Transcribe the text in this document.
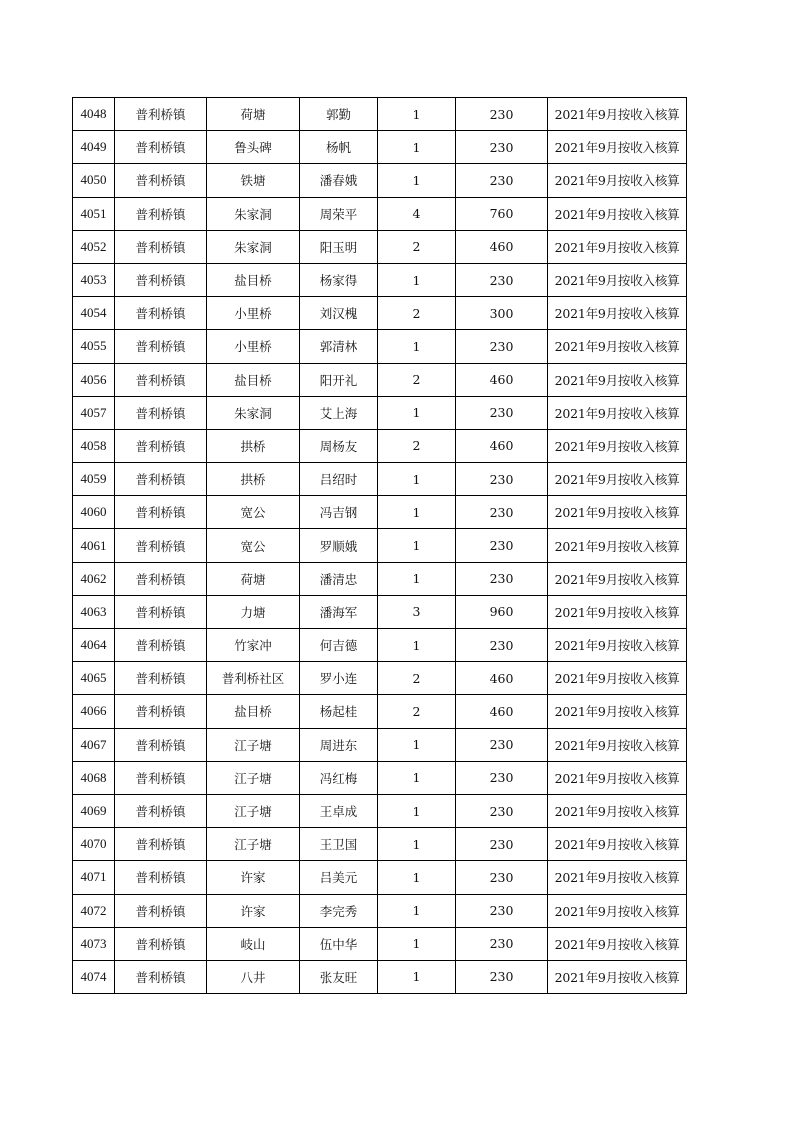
4048	普利桥镇	荷塘	郭勤	1	230	2021年9月按收入核算
4049	普利桥镇	鲁头碑	杨帆	1	230	2021年9月按收入核算
4050	普利桥镇	铁塘	潘春娥	1	230	2021年9月按收入核算
4051	普利桥镇	朱家洞	周荣平	4	760	2021年9月按收入核算
4052	普利桥镇	朱家洞	阳玉明	2	460	2021年9月按收入核算
4053	普利桥镇	盐目桥	杨家得	1	230	2021年9月按收入核算
4054	普利桥镇	小里桥	刘汉槐	2	300	2021年9月按收入核算
4055	普利桥镇	小里桥	郭清林	1	230	2021年9月按收入核算
4056	普利桥镇	盐目桥	阳开礼	2	460	2021年9月按收入核算
4057	普利桥镇	朱家洞	艾上海	1	230	2021年9月按收入核算
4058	普利桥镇	拱桥	周杨友	2	460	2021年9月按收入核算
4059	普利桥镇	拱桥	吕绍时	1	230	2021年9月按收入核算
4060	普利桥镇	宽公	冯吉钢	1	230	2021年9月按收入核算
4061	普利桥镇	宽公	罗顺娥	1	230	2021年9月按收入核算
4062	普利桥镇	荷塘	潘清忠	1	230	2021年9月按收入核算
4063	普利桥镇	力塘	潘海军	3	960	2021年9月按收入核算
4064	普利桥镇	竹家冲	何吉德	1	230	2021年9月按收入核算
4065	普利桥镇	普利桥社区	罗小连	2	460	2021年9月按收入核算
4066	普利桥镇	盐目桥	杨起桂	2	460	2021年9月按收入核算
4067	普利桥镇	江子塘	周进东	1	230	2021年9月按收入核算
4068	普利桥镇	江子塘	冯红梅	1	230	2021年9月按收入核算
4069	普利桥镇	江子塘	王卓成	1	230	2021年9月按收入核算
4070	普利桥镇	江子塘	王卫国	1	230	2021年9月按收入核算
4071	普利桥镇	许家	吕美元	1	230	2021年9月按收入核算
4072	普利桥镇	许家	李完秀	1	230	2021年9月按收入核算
4073	普利桥镇	岐山	伍中华	1	230	2021年9月按收入核算
4074	普利桥镇	八井	张友旺	1	230	2021年9月按收入核算
